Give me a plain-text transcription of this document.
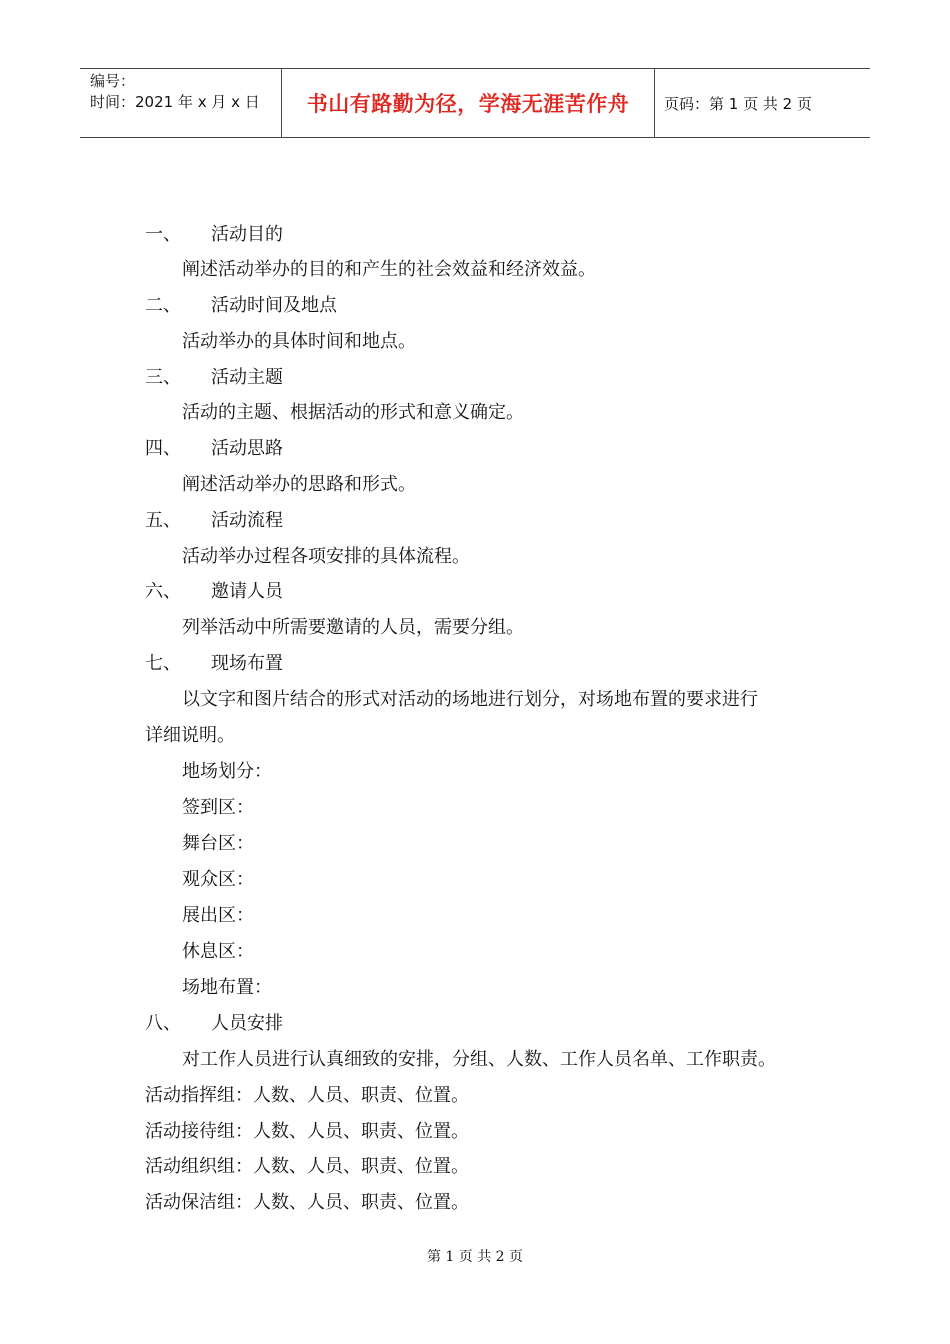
编号：
时间：2021 年 x 月 x 日	书山有路勤为径，学海无涯苦作舟	页码：第 1 页 共 2 页
一、 活动目的
阐述活动举办的目的和产生的社会效益和经济效益。
二、 活动时间及地点
活动举办的具体时间和地点。
三、 活动主题
活动的主题、根据活动的形式和意义确定。
四、 活动思路
阐述活动举办的思路和形式。
五、 活动流程
活动举办过程各项安排的具体流程。
六、 邀请人员
列举活动中所需要邀请的人员，需要分组。
七、 现场布置
以文字和图片结合的形式对活动的场地进行划分，对场地布置的要求进行
详细说明。
地场划分：
签到区：
舞台区：
观众区：
展出区：
休息区：
场地布置：
八、 人员安排
对工作人员进行认真细致的安排，分组、人数、工作人员名单、工作职责。
活动指挥组：人数、人员、职责、位置。
活动接待组：人数、人员、职责、位置。
活动组织组：人数、人员、职责、位置。
活动保洁组：人数、人员、职责、位置。
第 1 页 共 2 页
